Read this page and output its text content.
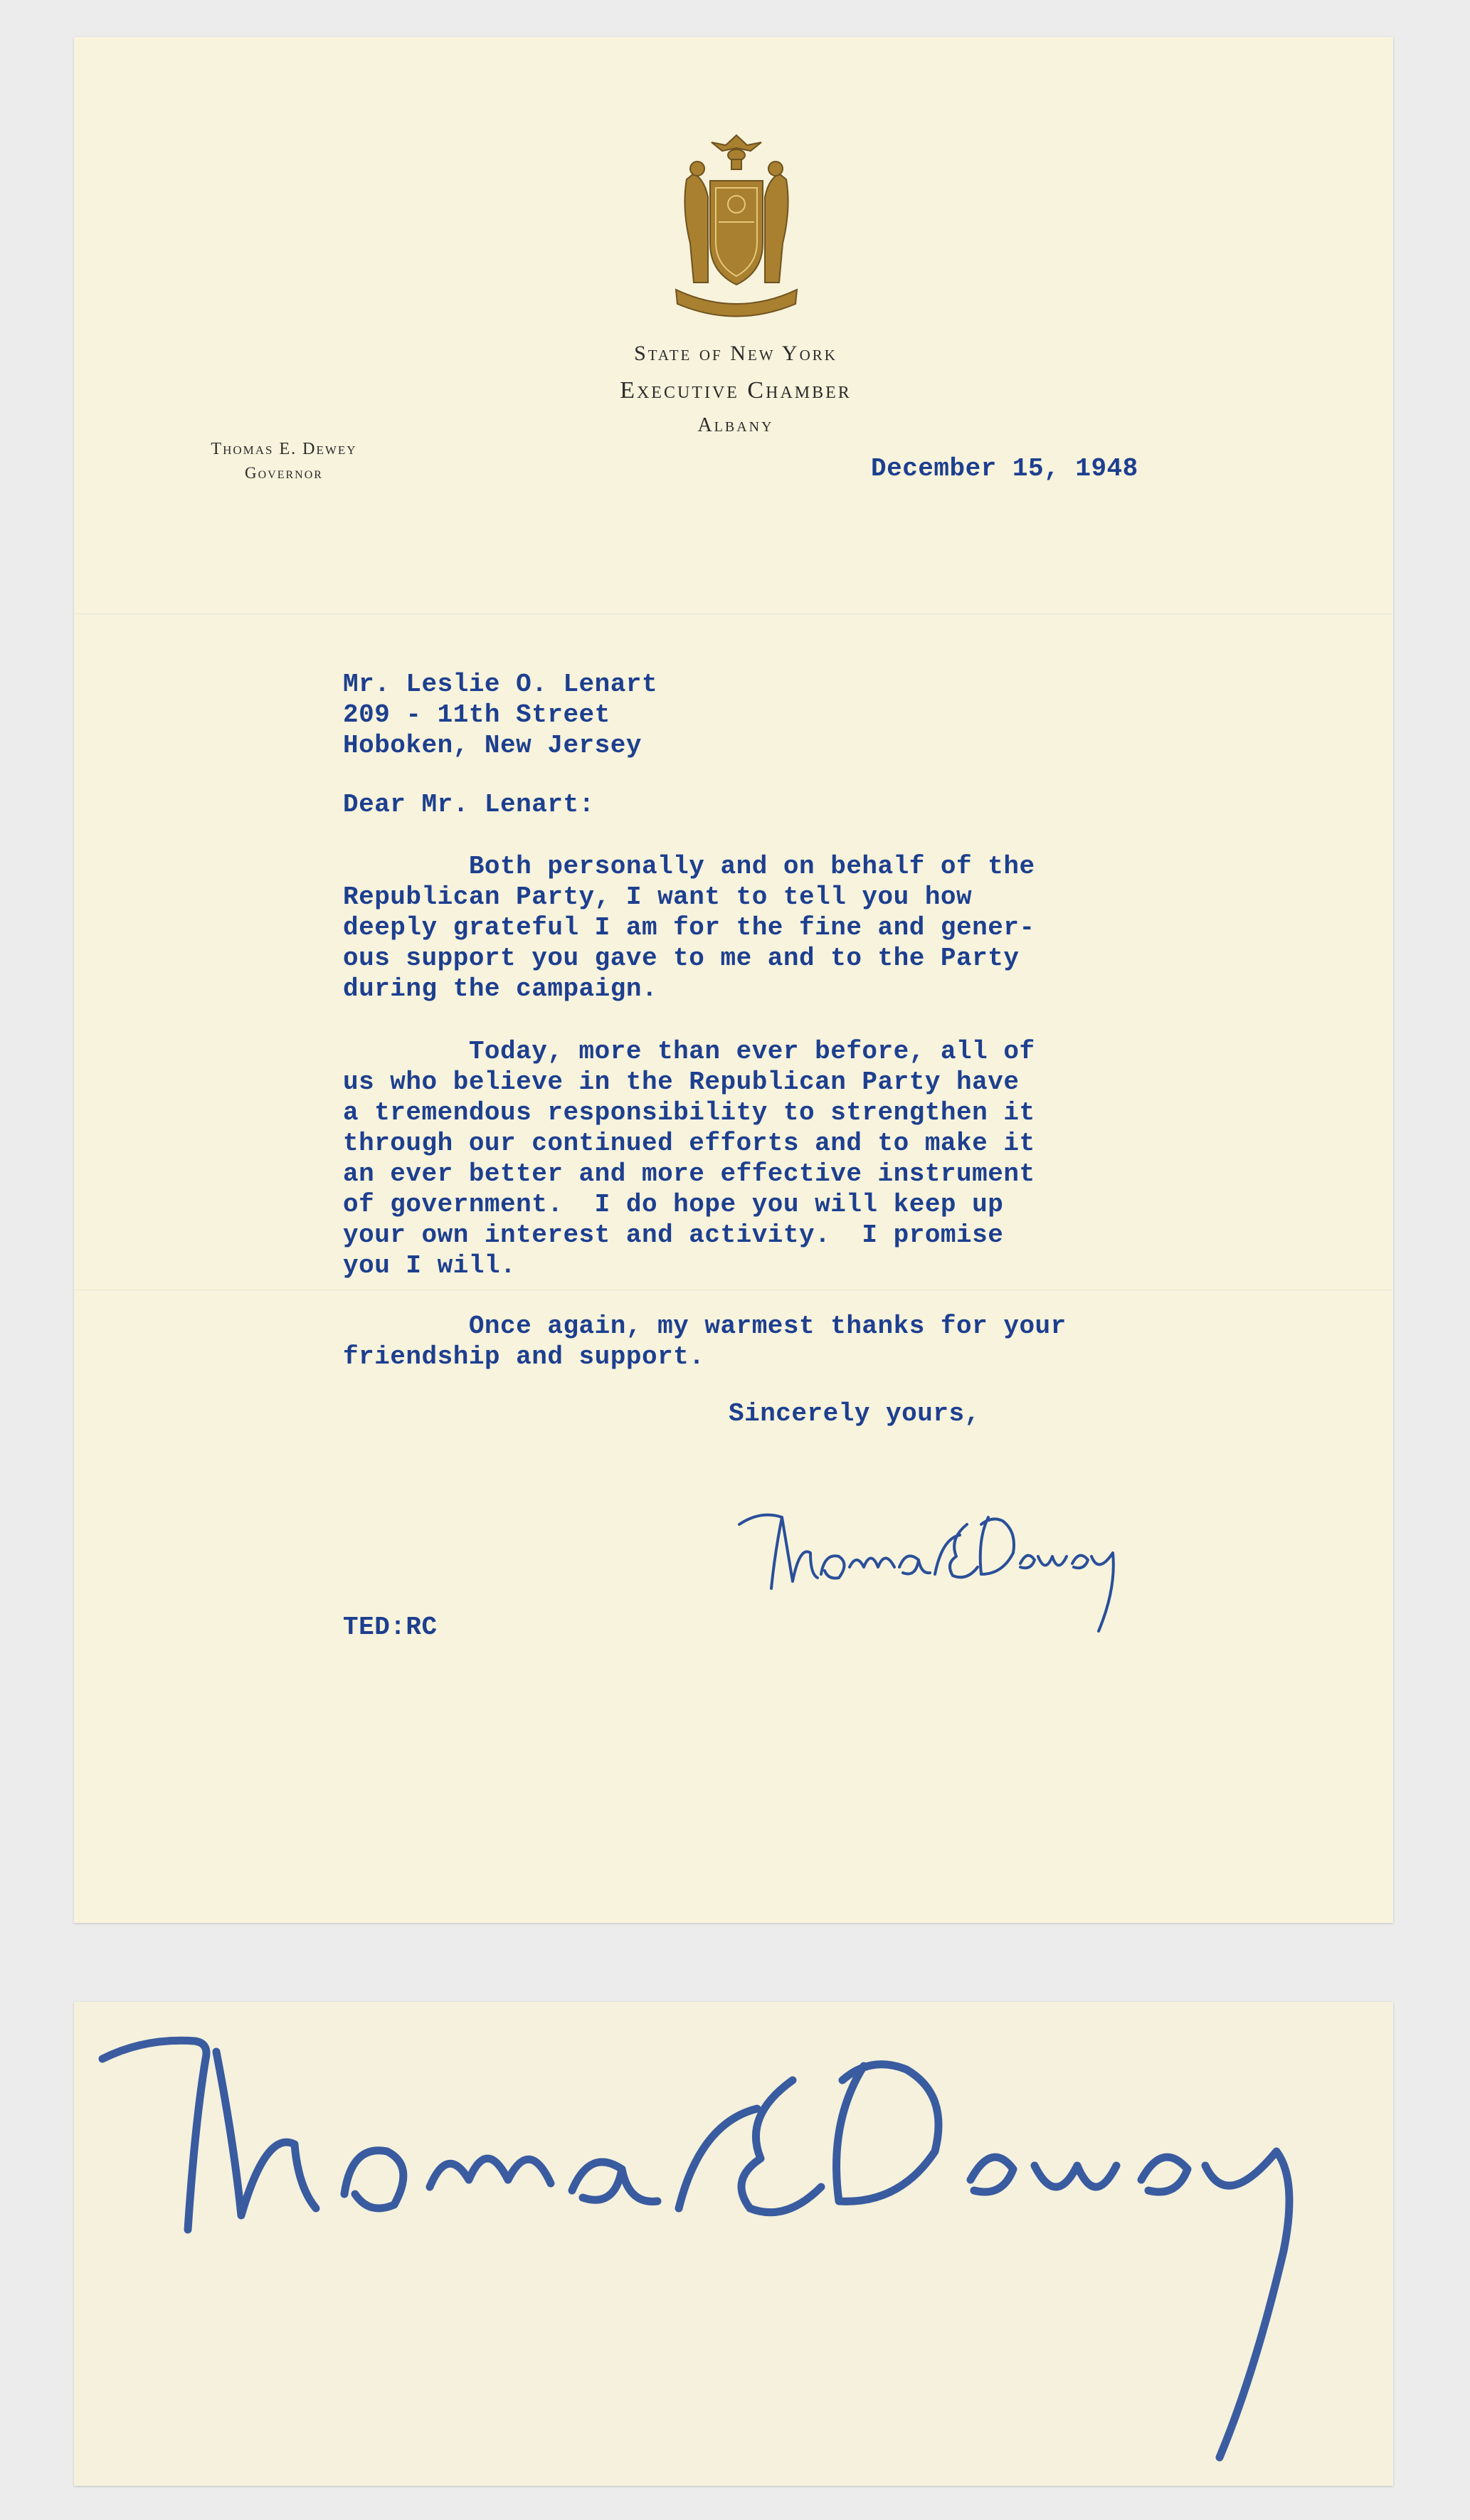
State of New York
Executive Chamber
Albany
Thomas E. Dewey
Governor	December 15, 1948
Mr. Leslie O. Lenart
209 - 11th Street
Hoboken, New Jersey
Dear Mr. Lenart:
Both personally and on behalf of the
Republican Party, I want to tell you how
deeply grateful I am for the fine and gener-
ous support you gave to me and to the Party
during the campaign.
Today, more than ever before, all of
us who believe in the Republican Party have
a tremendous responsibility to strengthen it
through our continued efforts and to make it
an ever better and more effective instrument
of government.  I do hope you will keep up
your own interest and activity.  I promise
you I will.
Once again, my warmest thanks for your
friendship and support.
Sincerely yours,
TED:RC
